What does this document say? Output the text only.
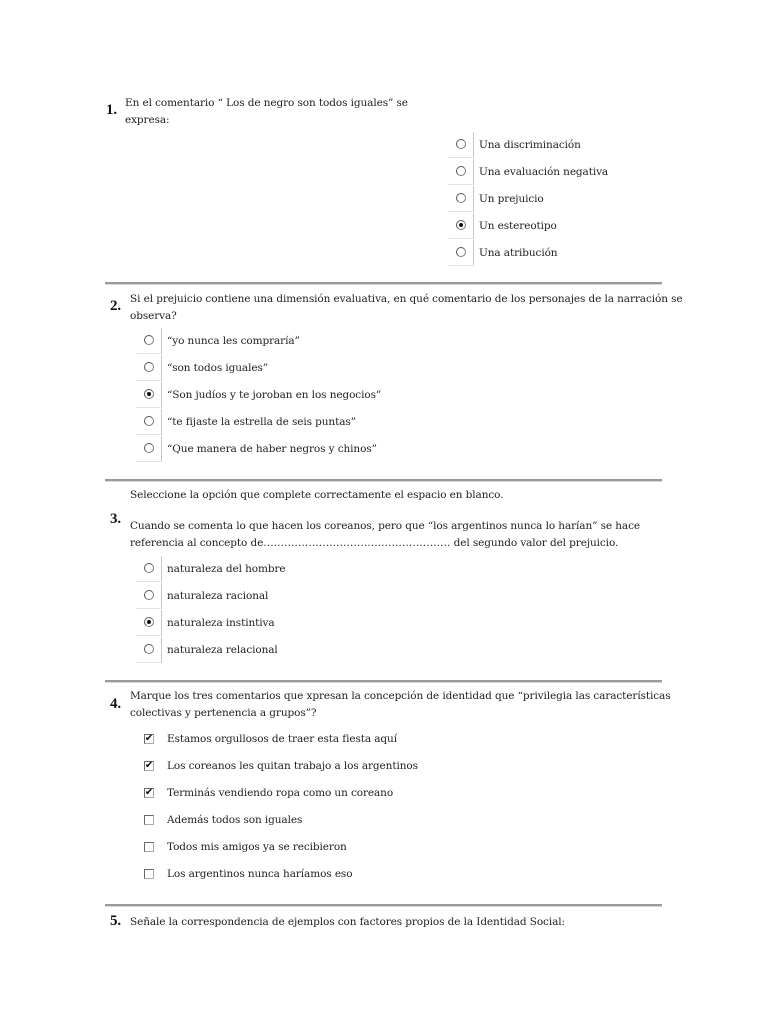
1. En el comentario “ Los de negro son todos iguales” se
expresa:
Una discriminación
Una evaluación negativa
Un prejuicio
Un estereotipo
Una atribución
2. Si el prejuicio contiene una dimensión evaluativa, en qué comentario de los personajes de la narración se
observa?
“yo nunca les compraría”
“son todos iguales”
“Son judíos y te joroban en los negocios”
“te fijaste la estrella de seis puntas”
“Que manera de haber negros y chinos”
Seleccione la opción que complete correctamente el espacio en blanco.
3. Cuando se comenta lo que hacen los coreanos, pero que “los argentinos nunca lo harían” se hace
referencia al concepto de……………………………………………… del segundo valor del prejuicio.
naturaleza del hombre
naturaleza racional
naturaleza instintiva
naturaleza relacional
4. Marque los tres comentarios que xpresan la concepción de identidad que “privilegia las características
colectivas y pertenencia a grupos”?
✔ Estamos orgullosos de traer esta fiesta aquí
✔ Los coreanos les quitan trabajo a los argentinos
✔ Terminás vendiendo ropa como un coreano
Además todos son iguales
Todos mis amigos ya se recibieron
Los argentinos nunca haríamos eso
5. Señale la correspondencia de ejemplos con factores propios de la Identidad Social:
